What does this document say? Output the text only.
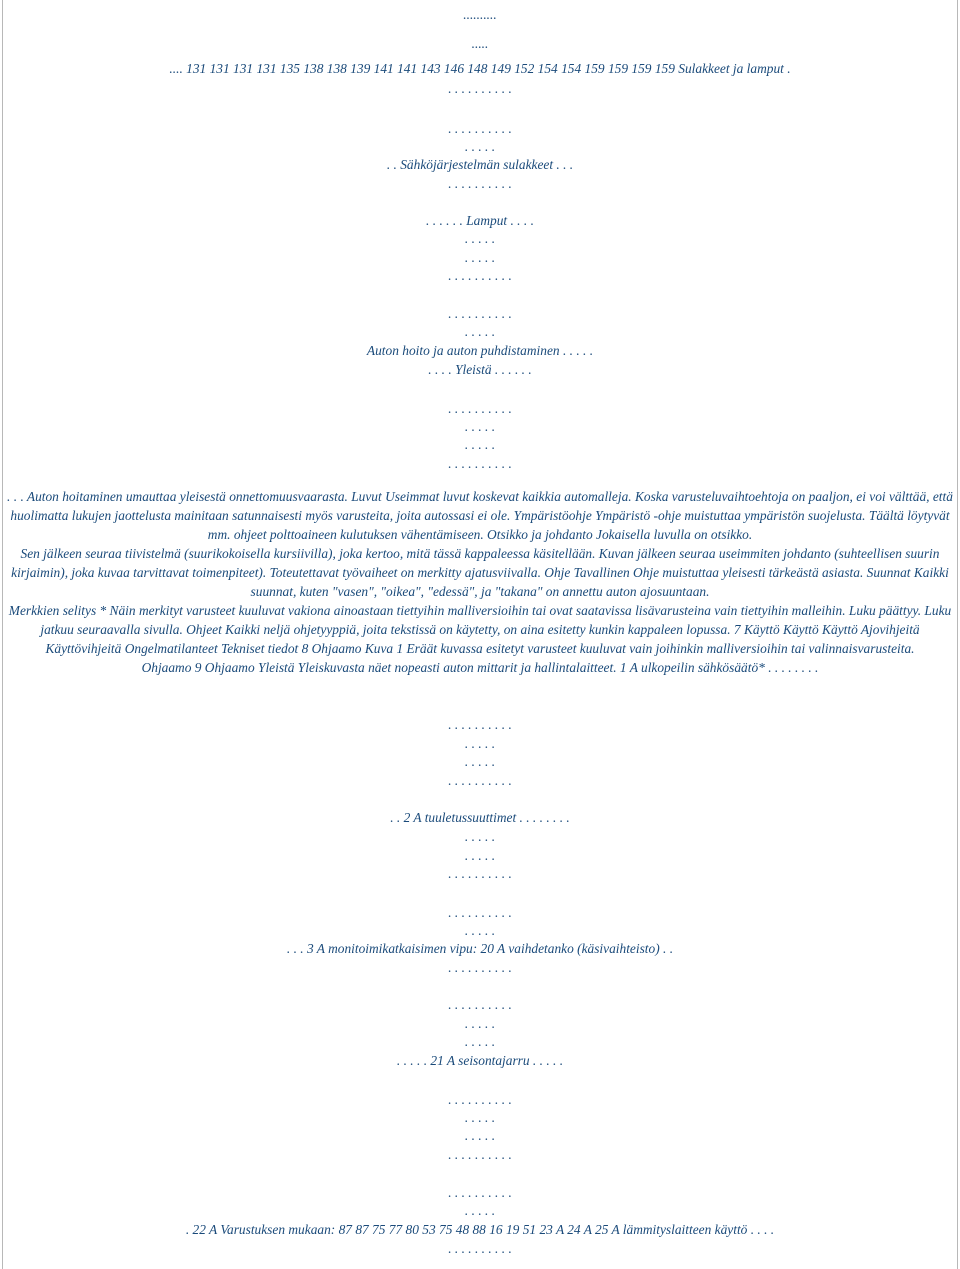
..........
.....
.... 131 131 131 131 135 138 138 139 141 141 143 146 148 149 152 154 154 159 159 159 159 Sulakkeet ja lamput .
. . . . . . . . . .
. . . . . . . . . .
. . . . .
. . Sähköjärjestelmän sulakkeet . . .
. . . . . . . . . .
. . . . . . Lamput . . . .
. . . . .
. . . . .
. . . . . . . . . .
. . . . . . . . . .
. . . . .
Auton hoito ja auton puhdistaminen . . . . .
. . . . Yleistä . . . . . .
. . . . . . . . . .
. . . . .
. . . . .
. . . . . . . . . .

. . . Auton hoitaminen umauttaa yleisestä onnettomuusvaarasta. Luvut Useimmat luvut koskevat kaikkia automalleja. Koska varusteluvaihtoehtoja on paaljon, ei voi välttää, että huolimatta lukujen jaottelusta mainitaan satunnaisesti myös varusteita, joita autossasi ei ole. Ympäristöohje Ympäristö -ohje muistuttaa ympäristön suojelusta. Täältä löytyvät mm. ohjeet polttoaineen kulutuksen vähentämiseen. Otsikko ja johdanto Jokaisella luvulla on otsikko.

Sen jälkeen seuraa tiivistelmä (suurikokoisella kursiivilla), joka kertoo, mitä tässä kappaleessa käsitellään. Kuvan jälkeen seuraa useimmiten johdanto (suhteellisen suurin kirjaimin), joka kuvaa tarvittavat toimenpiteet). Toteutettavat työvaiheet on merkitty ajatusviivalla. Ohje Tavallinen Ohje muistuttaa yleisesti tärkeästä asiasta. Suunnat Kaikki suunnat, kuten "vasen", "oikea", "edessä", ja "takana" on annettu auton ajosuuntaan.

Merkkien selitys * Näin merkityt varusteet kuuluvat vakiona ainoastaan tiettyihin malliversioihin tai ovat saatavissa lisävarusteina vain tiettyihin malleihin. Luku päättyy. Luku jatkuu seuraavalla sivulla. Ohjeet Kaikki neljä ohjetyyppiä, joita tekstissä on käytetty, on aina esitetty kunkin kappaleen lopussa. 7 Käyttö Käyttö Käyttö Ajovihjeitä Käyttövihjeitä Ongelmatilanteet Tekniset tiedot 8 Ohjaamo Kuva 1 Eräät kuvassa esitetyt varusteet kuuluvat vain joihinkin malliversioihin tai valinnaisvarusteita.

Ohjaamo 9 Ohjaamo Yleistä Yleiskuvasta näet nopeasti auton mittarit ja hallintalaitteet. 1 A ulkopeilin sähkösäätö* . . . . . . . .

. . . . . . . . . .
. . . . .
. . . . .
. . . . . . . . . .
. . 2 A tuuletussuuttimet . . . . . . . .
. . . . .
. . . . .
. . . . . . . . . .
. . . . . . . . . .
. . . . .
. . . 3 A monitoimikatkaisimen vipu: 20 A vaihdetanko (käsivaihteisto) . .
. . . . . . . . . .
. . . . . . . . . .
. . . . .
. . . . .
. . . . . 21 A seisontajarru . . . . .
. . . . . . . . . .
. . . . .
. . . . .
. . . . . . . . . .
. . . . . . . . . .
. . . . .
. 22 A Varustuksen mukaan: 87 87 75 77 80 53 75 48 88 16 19 51 23 A 24 A 25 A lämmityslaitteen käyttö . . . .
. . . . . . . . . .
